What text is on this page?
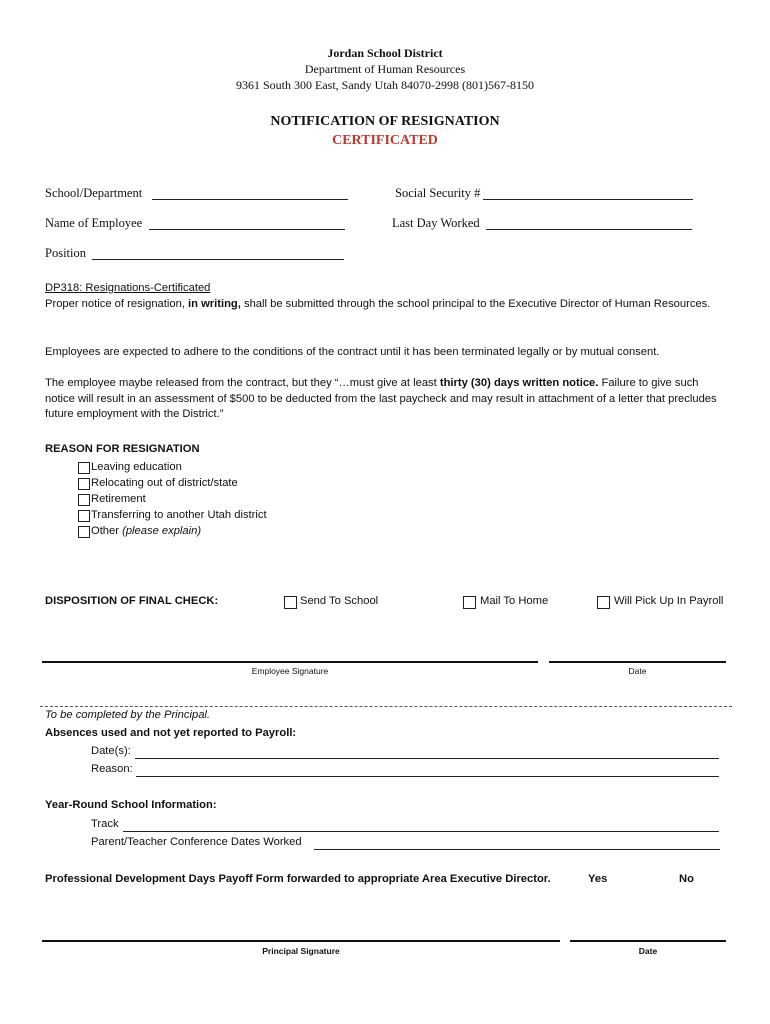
Jordan School District
Department of Human Resources
9361 South 300 East, Sandy Utah 84070-2998 (801)567-8150
NOTIFICATION OF RESIGNATION
CERTIFICATED
School/Department	Social Security #
Name of Employee	Last Day Worked
Position
DP318: Resignations-Certificated
Proper notice of resignation, in writing, shall be submitted through the school principal to the Executive Director of Human Resources.
Employees are expected to adhere to the conditions of the contract until it has been terminated legally or by mutual consent.
The employee maybe released from the contract, but they “…must give at least thirty (30) days written notice. Failure to give such notice will result in an assessment of $500 to be deducted from the last paycheck and may result in attachment of a letter that precludes future employment with the District.”
REASON FOR RESIGNATION
Leaving education
Relocating out of district/state
Retirement
Transferring to another Utah district
Other (please explain)
DISPOSITION OF FINAL CHECK:	Send To School	Mail To Home	Will Pick Up In Payroll
Employee Signature	Date
To be completed by the Principal.
Absences used and not yet reported to Payroll:
Date(s):
Reason:
Year-Round School Information:
Track
Parent/Teacher Conference Dates Worked
Professional Development Days Payoff Form forwarded to appropriate Area Executive Director.	Yes	No
Principal Signature	Date
